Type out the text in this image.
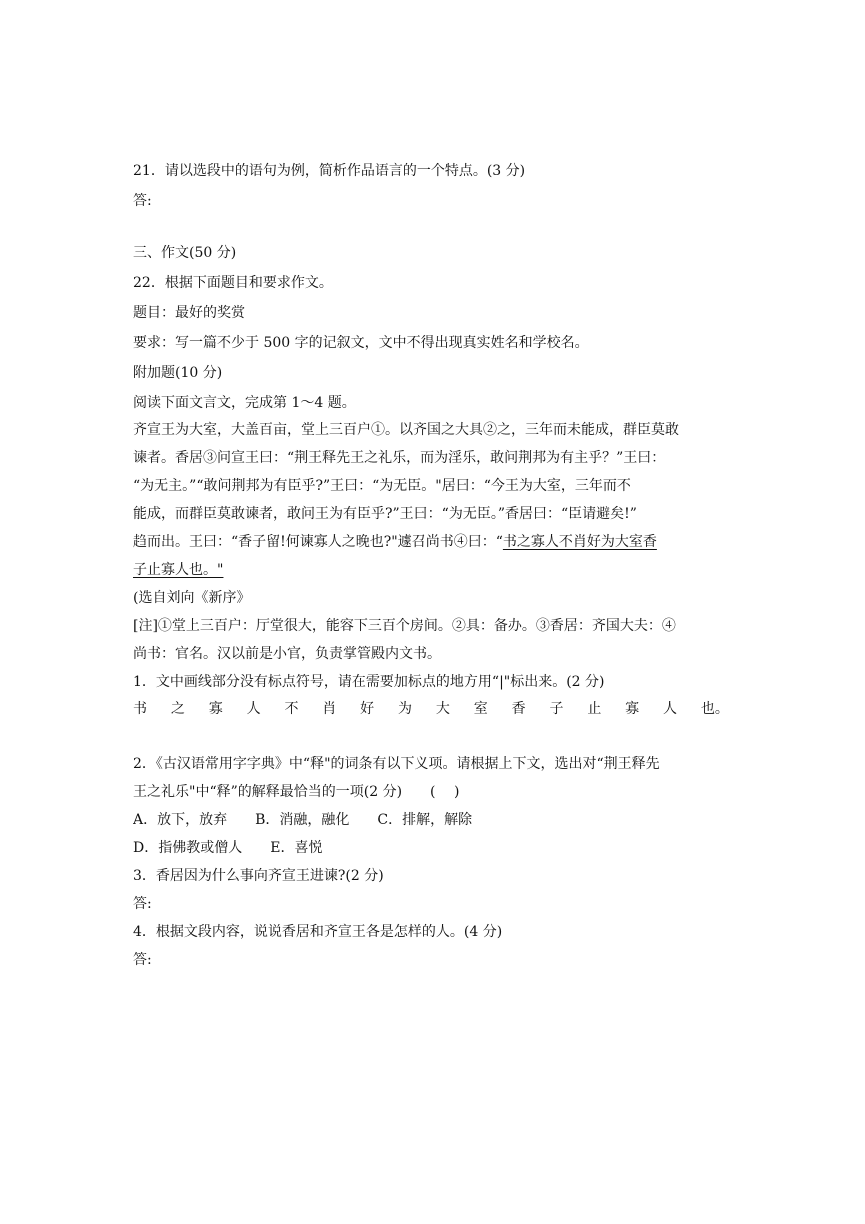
21．请以选段中的语句为例，简析作品语言的一个特点。(3 分)
答:
三、作文(50 分)
22．根据下面题目和要求作文。
题目：最好的奖赏
要求：写一篇不少于 500 字的记叙文，文中不得出现真实姓名和学校名。
附加题(10 分)
阅读下面文言文，完成第 1～4 题。
齐宣王为大室，大盖百亩，堂上三百户①。以齐国之大具②之，三年而未能成，群臣莫敢
谏者。香居③问宣王曰：“荆王释先王之礼乐，而为淫乐，敢问荆邦为有主乎？”王曰：
“为无主。”“敢问荆邦为有臣乎?”王曰：“为无臣。"居曰：“今王为大室，三年而不
能成，而群臣莫敢谏者，敢问王为有臣乎?”王曰：“为无臣。”香居曰：“臣请避矣!”
趋而出。王曰：“香子留!何谏寡人之晚也?"遽召尚书④曰：“书之寡人不肖好为大室香
子止寡人也。"
(选自刘向《新序》
[注]①堂上三百户：厅堂很大，能容下三百个房间。②具：备办。③香居：齐国大夫：④
尚书：官名。汉以前是小官，负责掌管殿内文书。
1．文中画线部分没有标点符号，请在需要加标点的地方用“|"标出来。(2 分)
书 之 寡 人 不 肖 好 为 大 室 香 子 止 寡 人 也。
2．《古汉语常用字字典》中“释"的词条有以下义项。请根据上下文，选出对“荆王释先
王之礼乐"中“释”的解释最恰当的一项(2 分)　　(　 )
A．放下，放弃　　B．消融，融化　　C．排解，解除
D．指佛教或僧人　　E．喜悦
3．香居因为什么事向齐宣王进谏?(2 分)
答:
4．根据文段内容，说说香居和齐宣王各是怎样的人。(4 分)
答:
